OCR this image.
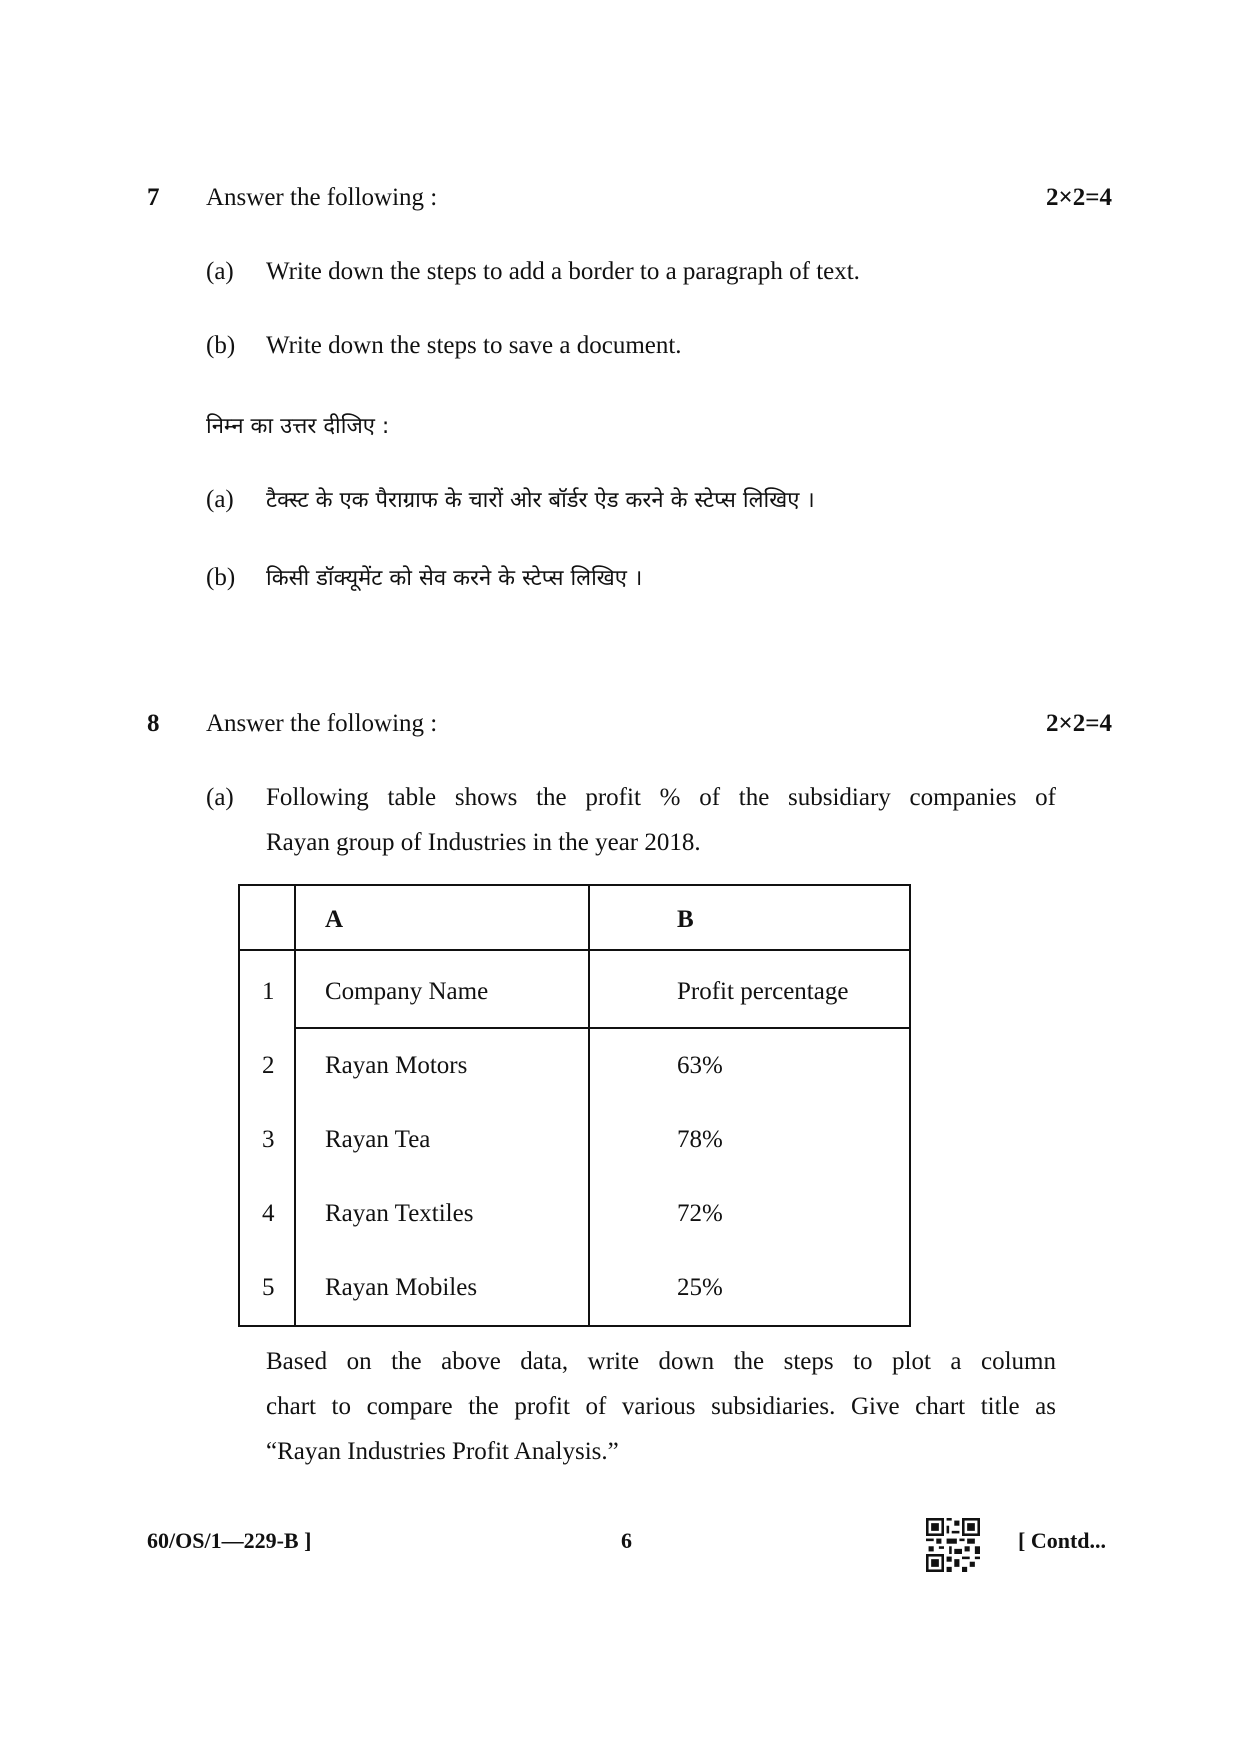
7 Answer the following :	2×2=4
(a) Write down the steps to add a border to a paragraph of text.
(b) Write down the steps to save a document.
निम्न का उत्तर दीजिए :
(a) टैक्स्ट के एक पैराग्राफ के चारों ओर बॉर्डर ऐड करने के स्टेप्स लिखिए ।
(b) किसी डॉक्यूमेंट को सेव करने के स्टेप्स लिखिए ।
8 Answer the following :	2×2=4
(a) Following table shows the profit % of the subsidiary companies of
Rayan group of Industries in the year 2018.
A	B
1 Company Name	Profit percentage
2 Rayan Motors	63%
3 Rayan Tea	78%
4 Rayan Textiles	72%
5 Rayan Mobiles	25%
Based on the above data, write down the steps to plot a column
chart to compare the profit of various subsidiaries. Give chart title as
“Rayan Industries Profit Analysis.”
60/OS/1—229-B ]	6	[ Contd...
